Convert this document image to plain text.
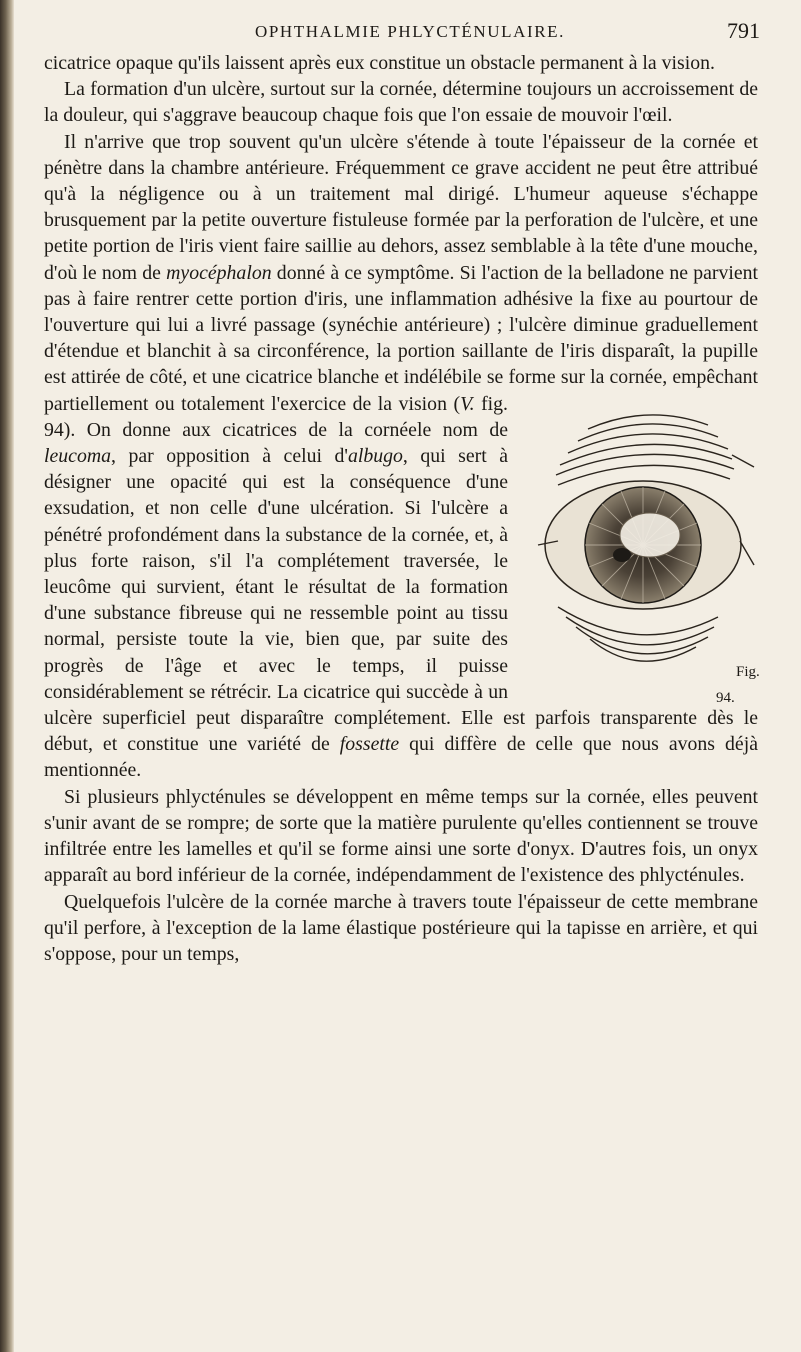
OPHTHALMIE PHLYCTÉNULAIRE.	791

cicatrice opaque qu'ils laissent après eux constitue un obstacle permanent à la vision.

La formation d'un ulcère, surtout sur la cornée, détermine toujours un accroissement de la douleur, qui s'aggrave beaucoup chaque fois que l'on essaie de mouvoir l'œil.

Il n'arrive que trop souvent qu'un ulcère s'étende à toute l'épaisseur de la cornée et pénètre dans la chambre antérieure. Fréquemment ce grave accident ne peut être attribué qu'à la négligence ou à un traitement mal dirigé. L'humeur aqueuse s'échappe brusquement par la petite ouverture fistuleuse formée par la perforation de l'ulcère, et une petite portion de l'iris vient faire saillie au dehors, assez semblable à la tête d'une mouche, d'où le nom de myocéphalon donné à ce symptôme. Si l'action de la belladone ne parvient pas à faire rentrer cette portion d'iris, une inflammation adhésive la fixe au pourtour de l'ouverture qui lui a livré passage (synéchie antérieure) ; l'ulcère diminue graduellement d'étendue et blanchit à sa circonférence, la portion saillante de l'iris disparaît, la pupille est attirée de côté, et une cicatrice blanche et indélébile se forme sur la cornée, empêchant partiellement ou totalement l'exercice de la vision (
Fig. 94.
V. fig. 94). On donne aux cicatrices de la cornéele nom de leucoma, par opposition à celui d'albugo, qui sert à désigner une opacité qui est la conséquence d'une exsudation, et non celle d'une ulcération. Si l'ulcère a pénétré profondément dans la substance de la cornée, et, à plus forte raison, s'il l'a complétement traversée, le leucôme qui survient, étant le résultat de la formation d'une substance fibreuse qui ne ressemble point au tissu normal, persiste toute la vie, bien que, par suite des progrès de l'âge et avec le temps, il puisse considérablement se rétrécir. La cicatrice qui succède à un ulcère superficiel peut disparaître complétement. Elle est parfois transparente dès le début, et constitue une variété de fossette qui diffère de celle que nous avons déjà mentionnée.

Si plusieurs phlycténules se développent en même temps sur la cornée, elles peuvent s'unir avant de se rompre; de sorte que la matière purulente qu'elles contiennent se trouve infiltrée entre les lamelles et qu'il se forme ainsi une sorte d'onyx. D'autres fois, un onyx apparaît au bord inférieur de la cornée, indépendamment de l'existence des phlycténules.

Quelquefois l'ulcère de la cornée marche à travers toute l'épaisseur de cette membrane qu'il perfore, à l'exception de la lame élastique postérieure qui la tapisse en arrière, et qui s'oppose, pour un temps,
